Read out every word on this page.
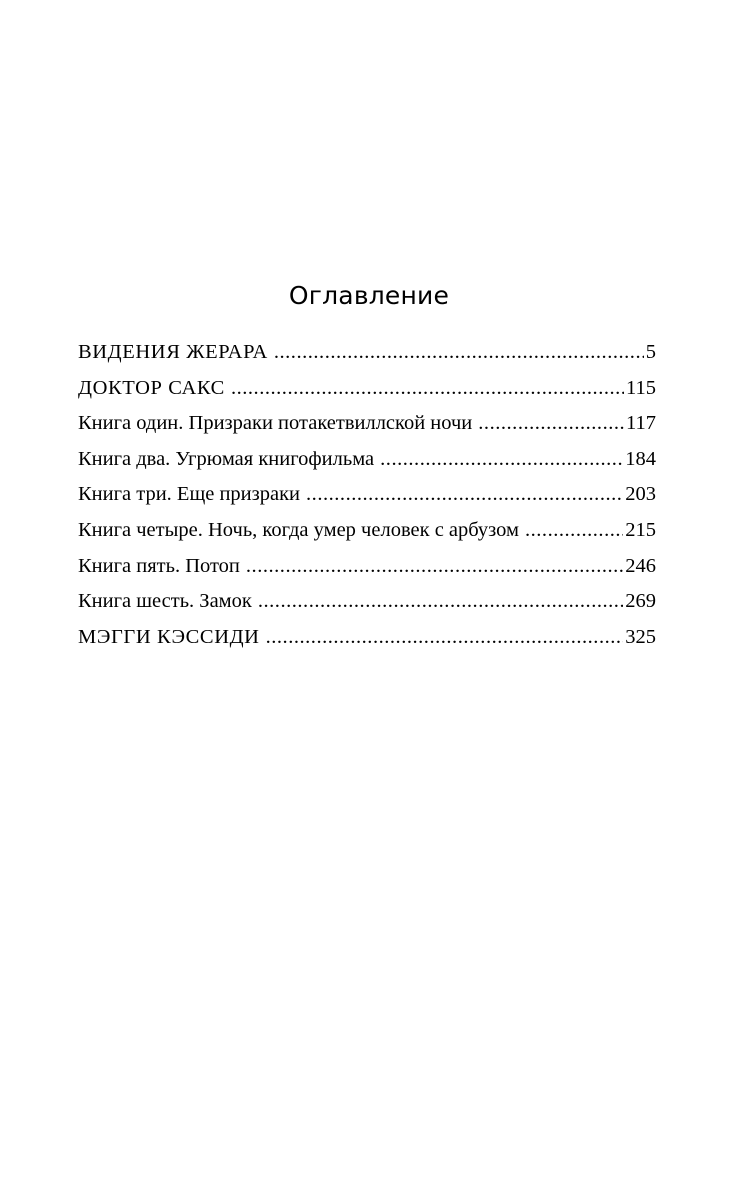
Оглавление
ВИДЕНИЯ ЖЕРАРА . . .	5
ДОКТОР САКС . . .	115
Книга один. Призраки потакетвиллской ночи . . .	117
Книга два. Угрюмая книгофильма . . .	184
Книга три. Еще призраки . . .	203
Книга четыре. Ночь, когда умер человек с арбузом . . .	215
Книга пять. Потоп . . .	246
Книга шесть. Замок . . .	269
МЭГГИ КЭССИДИ . . .	325
